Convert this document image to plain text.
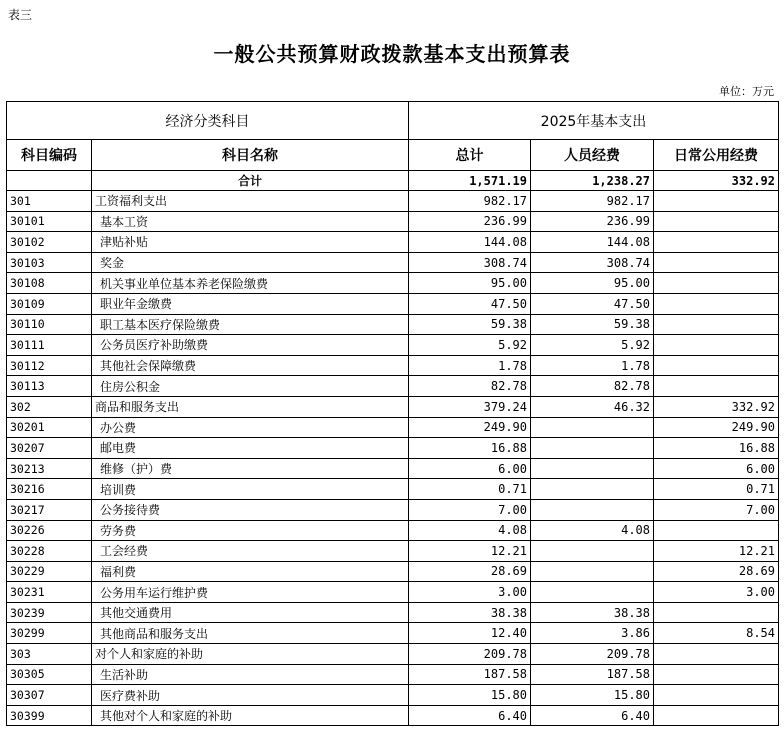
表三
一般公共预算财政拨款基本支出预算表
单位：万元
经济分类科目		2025年基本支出		
科目编码	科目名称	总计	人员经费	日常公用经费
	合计	1,571.19	1,238.27	332.92
301	工资福利支出	982.17	982.17	
30101	基本工资	236.99	236.99	
30102	津贴补贴	144.08	144.08	
30103	奖金	308.74	308.74	
30108	机关事业单位基本养老保险缴费	95.00	95.00	
30109	职业年金缴费	47.50	47.50	
30110	职工基本医疗保险缴费	59.38	59.38	
30111	公务员医疗补助缴费	5.92	5.92	
30112	其他社会保障缴费	1.78	1.78	
30113	住房公积金	82.78	82.78	
302	商品和服务支出	379.24	46.32	332.92
30201	办公费	249.90		249.90
30207	邮电费	16.88		16.88
30213	维修（护）费	6.00		6.00
30216	培训费	0.71		0.71
30217	公务接待费	7.00		7.00
30226	劳务费	4.08	4.08	
30228	工会经费	12.21		12.21
30229	福利费	28.69		28.69
30231	公务用车运行维护费	3.00		3.00
30239	其他交通费用	38.38	38.38	
30299	其他商品和服务支出	12.40	3.86	8.54
303	对个人和家庭的补助	209.78	209.78	
30305	生活补助	187.58	187.58	
30307	医疗费补助	15.80	15.80	
30399	其他对个人和家庭的补助	6.40	6.40	
